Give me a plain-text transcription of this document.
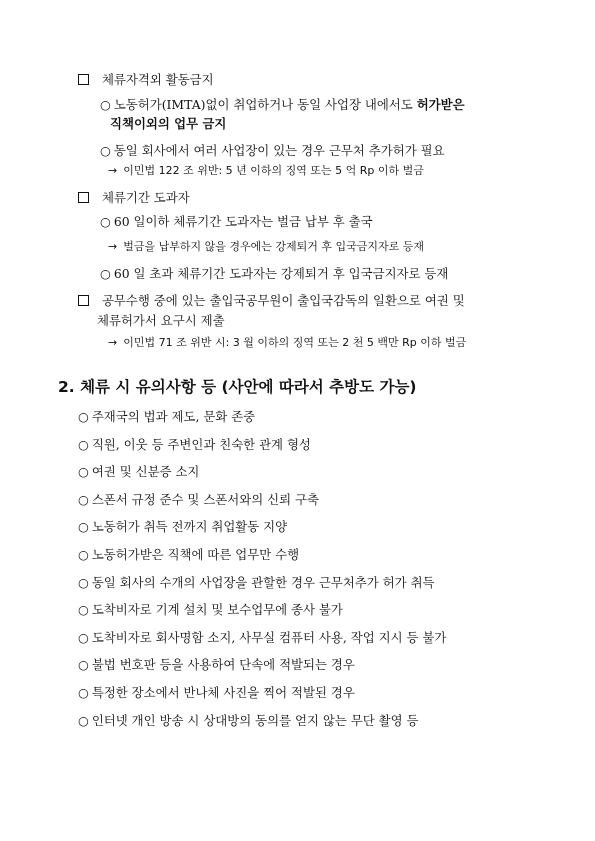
체류자격외 활동금지
○ 노동허가(IMTA)없이 취업하거나 동일 사업장 내에서도 허가받은
직책이외의 업무 금지
○ 동일 회사에서 여러 사업장이 있는 경우 근무처 추가허가 필요
→ 이민법 122 조 위반: 5 년 이하의 징역 또는 5 억 Rp 이하 벌금
체류기간 도과자
○ 60 일이하 체류기간 도과자는 벌금 납부 후 출국
→ 벌금을 납부하지 않을 경우에는 강제퇴거 후 입국금지자로 등재
○ 60 일 초과 체류기간 도과자는 강제퇴거 후 입국금지자로 등재
공무수행 중에 있는 출입국공무원이 출입국감독의 일환으로 여권 및
체류허가서 요구시 제출
→ 이민법 71 조 위반 시: 3 월 이하의 징역 또는 2 천 5 백만 Rp 이하 벌금
2. 체류 시 유의사항 등 (사안에 따라서 추방도 가능)
○ 주재국의 법과 제도, 문화 존중
○ 직원, 이웃 등 주변인과 친숙한 관계 형성
○ 여권 및 신분증 소지
○ 스폰서 규정 준수 및 스폰서와의 신뢰 구축
○ 노동허가 취득 전까지 취업활동 지양
○ 노동허가받은 직책에 따른 업무만 수행
○ 동일 회사의 수개의 사업장을 관할한 경우 근무처추가 허가 취득
○ 도착비자로 기계 설치 및 보수업무에 종사 불가
○ 도착비자로 회사명함 소지, 사무실 컴퓨터 사용, 작업 지시 등 불가
○ 불법 번호판 등을 사용하여 단속에 적발되는 경우
○ 특정한 장소에서 반나체 사진을 찍어 적발된 경우
○ 인터넷 개인 방송 시 상대방의 동의를 얻지 않는 무단 촬영 등
